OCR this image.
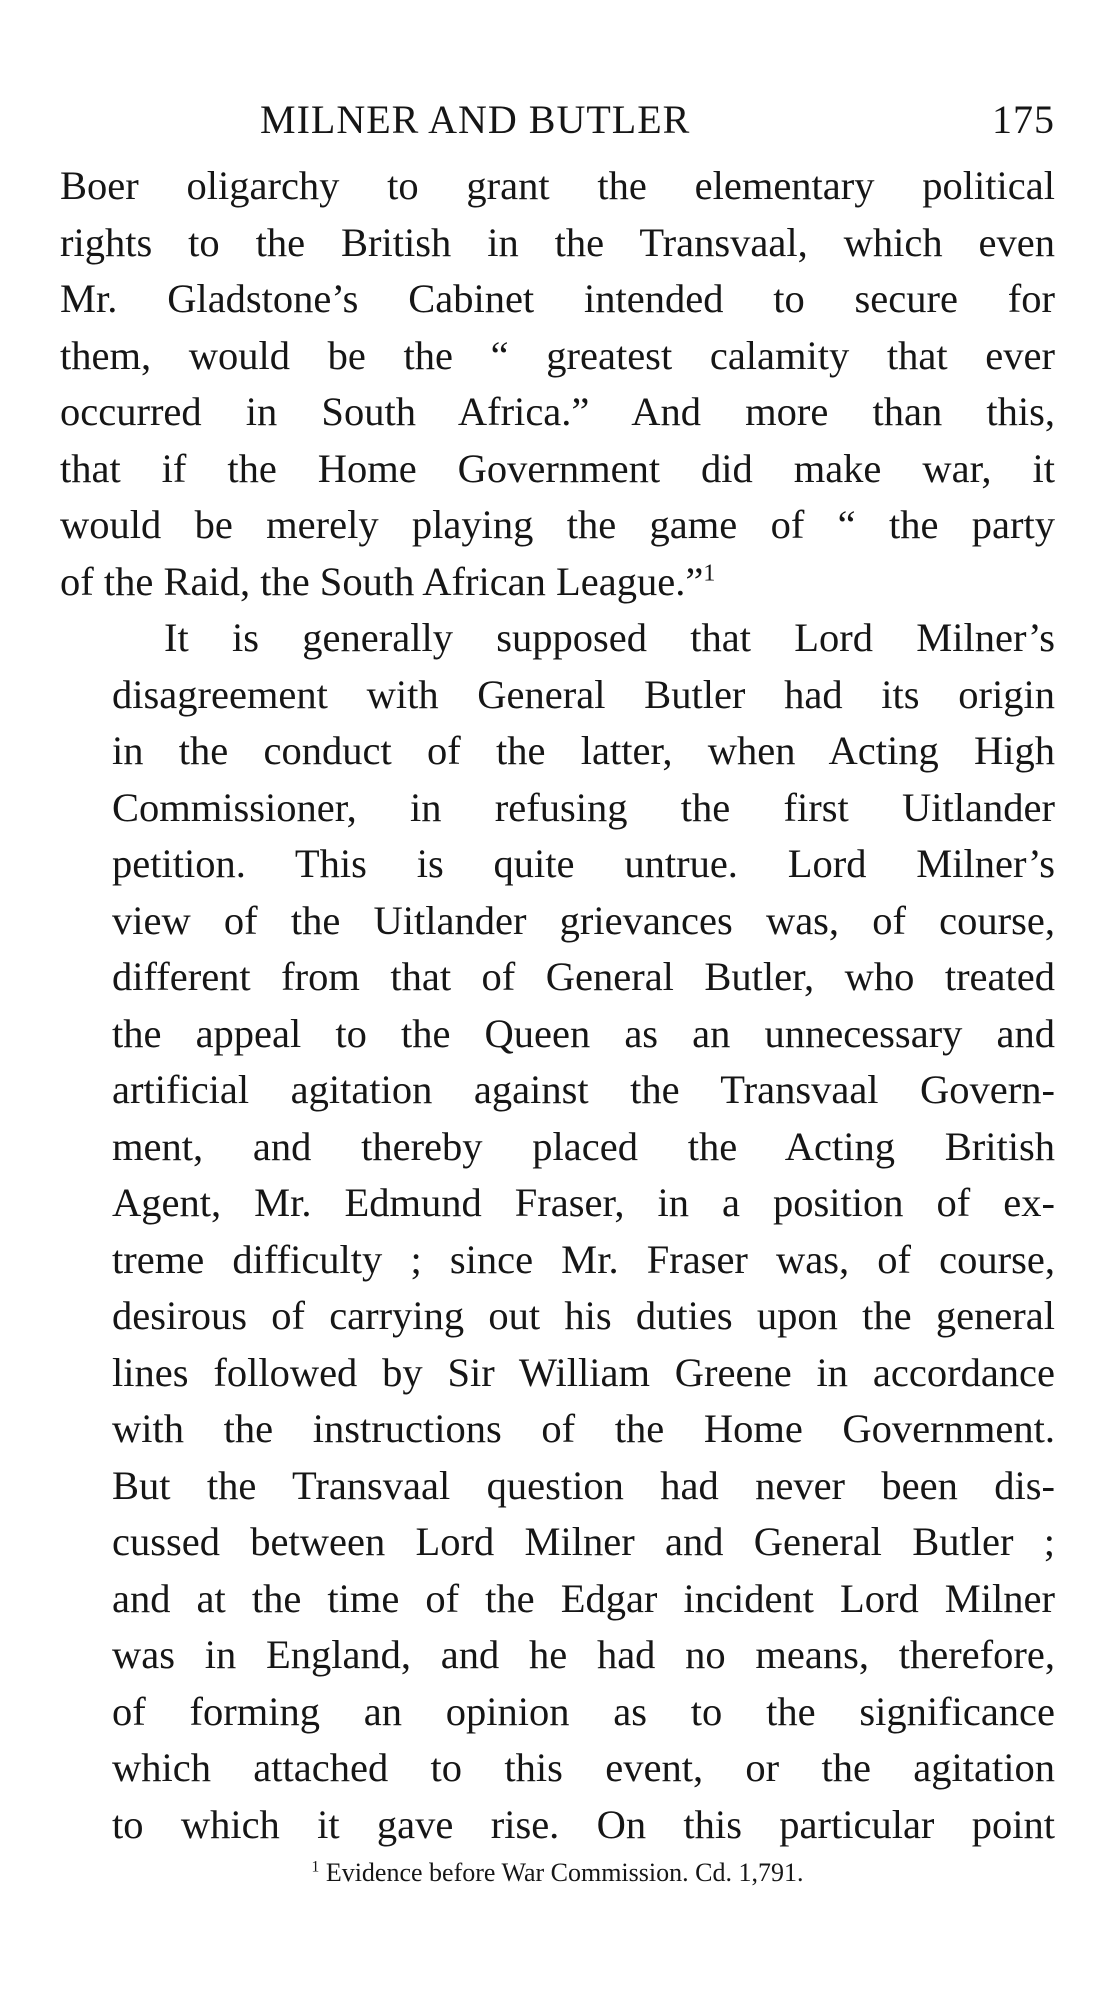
MILNER AND BUTLER	175

Boer oligarchy to grant the elementary political
rights to the British in the Transvaal, which even
Mr. Gladstone’s Cabinet intended to secure for
them, would be the “ greatest calamity that ever
occurred in South Africa.” And more than this,
that if the Home Government did make war, it
would be merely playing the game of “ the party
of the Raid, the South African League.”$^1$

It is generally supposed that Lord Milner’s
disagreement with General Butler had its origin
in the conduct of the latter, when Acting High
Commissioner, in refusing the first Uitlander
petition. This is quite untrue. Lord Milner’s
view of the Uitlander grievances was, of course,
different from that of General Butler, who treated
the appeal to the Queen as an unnecessary and
artificial agitation against the Transvaal Govern-
ment, and thereby placed the Acting British
Agent, Mr. Edmund Fraser, in a position of ex-
treme difficulty ; since Mr. Fraser was, of course,
desirous of carrying out his duties upon the general
lines followed by Sir William Greene in accordance
with the instructions of the Home Government.
But the Transvaal question had never been dis-
cussed between Lord Milner and General Butler ;
and at the time of the Edgar incident Lord Milner
was in England, and he had no means, therefore,
of forming an opinion as to the significance
which attached to this event, or the agitation
to which it gave rise. On this particular point

$^1$ Evidence before War Commission. Cd. 1,791.
